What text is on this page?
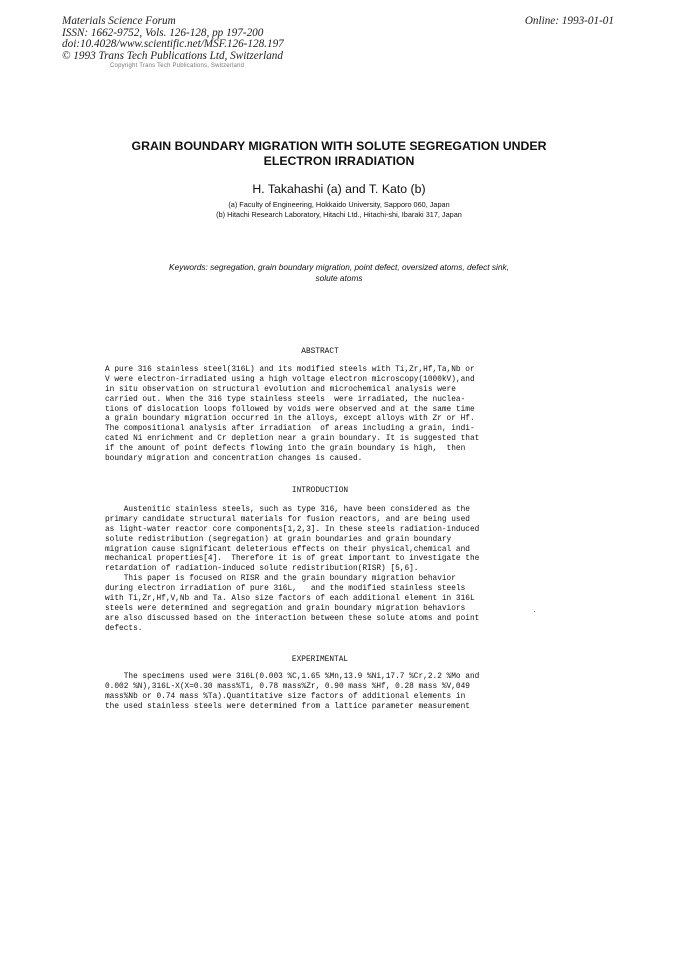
Materials Science Forum
ISSN: 1662-9752, Vols. 126-128, pp 197-200
doi:10.4028/www.scientific.net/MSF.126-128.197
© 1993 Trans Tech Publications Ltd, Switzerland
Online: 1993-01-01
Copyright Trans Tech Publications, Switzerland
GRAIN BOUNDARY MIGRATION WITH SOLUTE SEGREGATION UNDER
ELECTRON IRRADIATION
H. Takahashi (a) and T. Kato (b)
(a) Faculty of Engineering, Hokkaido University, Sapporo 060, Japan
(b) Hitachi Research Laboratory, Hitachi Ltd., Hitachi-shi, Ibaraki 317, Japan
Keywords: segregation, grain boundary migration, point defect, oversized atoms, defect sink,
solute atoms
ABSTRACT
A pure 316 stainless steel(316L) and its modified steels with Ti,Zr,Hf,Ta,Nb or
V were electron-irradiated using a high voltage electron microscopy(1000kV),and
in situ observation on structural evolution and microchemical analysis were
carried out. When the 316 type stainless steels  were irradiated, the nuclea-
tions of dislocation loops followed by voids were observed and at the same time
a grain boundary migration occurred in the alloys, except alloys with Zr or Hf.
The compositional analysis after irradiation  of areas including a grain, indi-
cated Ni enrichment and Cr depletion near a grain boundary. It is suggested that
if the amount of point defects flowing into the grain boundary is high,  then
boundary migration and concentration changes is caused.
INTRODUCTION
Austenitic stainless steels, such as type 316, have been considered as the
primary candidate structural materials for fusion reactors, and are being used
as light-water reactor core components[1,2,3]. In these steels radiation-induced
solute redistribution (segregation) at grain boundaries and grain boundary
migration cause significant deleterious effects on their physical,chemical and
mechanical properties[4].  Therefore it is of great important to investigate the
retardation of radiation-induced solute redistribution(RISR) [5,6].
This paper is focused on RISR and the grain boundary migration behavior
during electron irradiation of pure 316L,   and the modified stainless steels
with Ti,Zr,Hf,V,Nb and Ta. Also size factors of each additional element in 316L
steels were determined and segregation and grain boundary migration behaviors
are also discussed based on the interaction between these solute atoms and point
defects.
EXPERIMENTAL
The specimens used were 316L(0.003 %C,1.65 %Mn,13.9 %Ni,17.7 %Cr,2.2 %Mo and
0.002 %N),316L-X(X=0.30 mass%Ti, 0.78 mass%Zr, 0.90 mass %Hf, 0.28 mass %V,049
mass%Nb or 0.74 mass %Ta).Quantitative size factors of additional elements in
the used stainless steels were determined from a lattice parameter measurement
